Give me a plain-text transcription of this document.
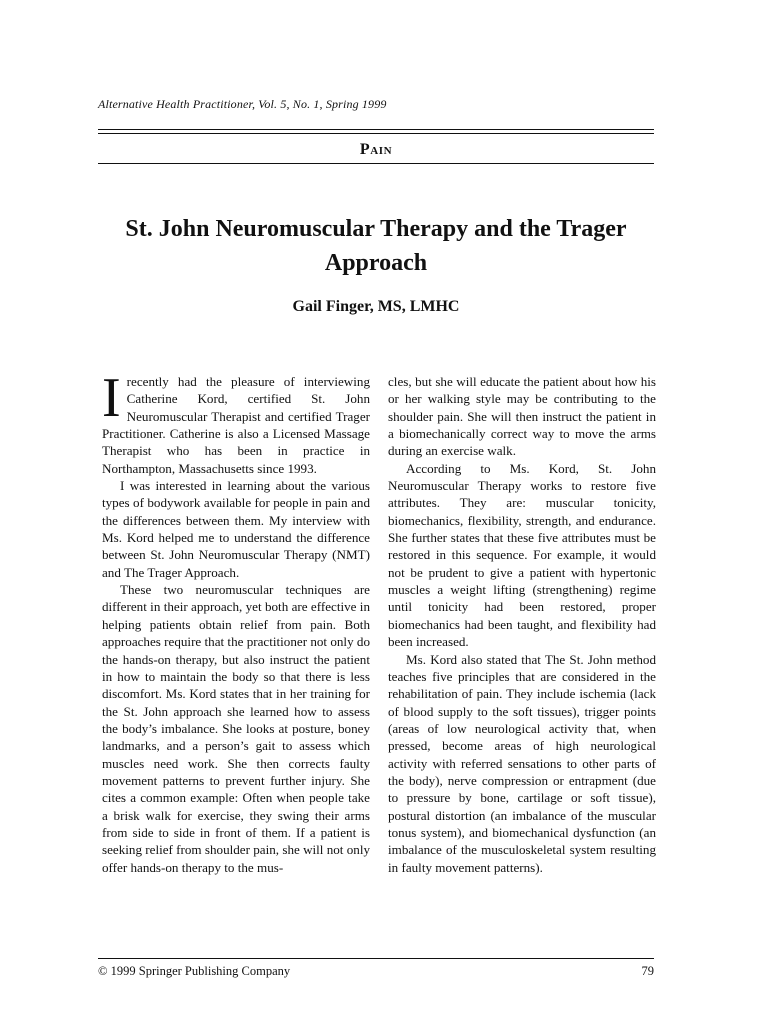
Alternative Health Practitioner, Vol. 5, No. 1, Spring 1999
Pain
St. John Neuromuscular Therapy and the Trager Approach
Gail Finger, MS, LMHC

I recently had the pleasure of interviewing Catherine Kord, certified St. John Neuromuscular Therapist and certified Trager Practitioner. Catherine is also a Licensed Massage Therapist who has been in practice in Northampton, Massachusetts since 1993.

I was interested in learning about the various types of bodywork available for people in pain and the differences between them. My interview with Ms. Kord helped me to understand the difference between St. John Neuromuscular Therapy (NMT) and The Trager Approach.

These two neuromuscular techniques are different in their approach, yet both are effective in helping patients obtain relief from pain. Both approaches require that the practitioner not only do the hands-on therapy, but also instruct the patient in how to maintain the body so that there is less discomfort. Ms. Kord states that in her training for the St. John approach she learned how to assess the body’s imbalance. She looks at posture, boney landmarks, and a person’s gait to assess which muscles need work. She then corrects faulty movement patterns to prevent further injury. She cites a common example: Often when people take a brisk walk for exercise, they swing their arms from side to side in front of them. If a patient is seeking relief from shoulder pain, she will not only offer hands-on therapy to the mus-

cles, but she will educate the patient about how his or her walking style may be contributing to the shoulder pain. She will then instruct the patient in a biomechanically correct way to move the arms during an exercise walk.

According to Ms. Kord, St. John Neuromuscular Therapy works to restore five attributes. They are: muscular tonicity, biomechanics, flexibility, strength, and endurance. She further states that these five attributes must be restored in this sequence. For example, it would not be prudent to give a patient with hypertonic muscles a weight lifting (strengthening) regime until tonicity had been restored, proper biomechanics had been taught, and flexibility had been increased.

Ms. Kord also stated that The St. John method teaches five principles that are considered in the rehabilitation of pain. They include ischemia (lack of blood supply to the soft tissues), trigger points (areas of low neurological activity that, when pressed, become areas of high neurological activity with referred sensations to other parts of the body), nerve compression or entrapment (due to pressure by bone, cartilage or soft tissue), postural distortion (an imbalance of the muscular tonus system), and biomechanical dysfunction (an imbalance of the musculoskeletal system resulting in faulty movement patterns).

© 1999 Springer Publishing Company	79
